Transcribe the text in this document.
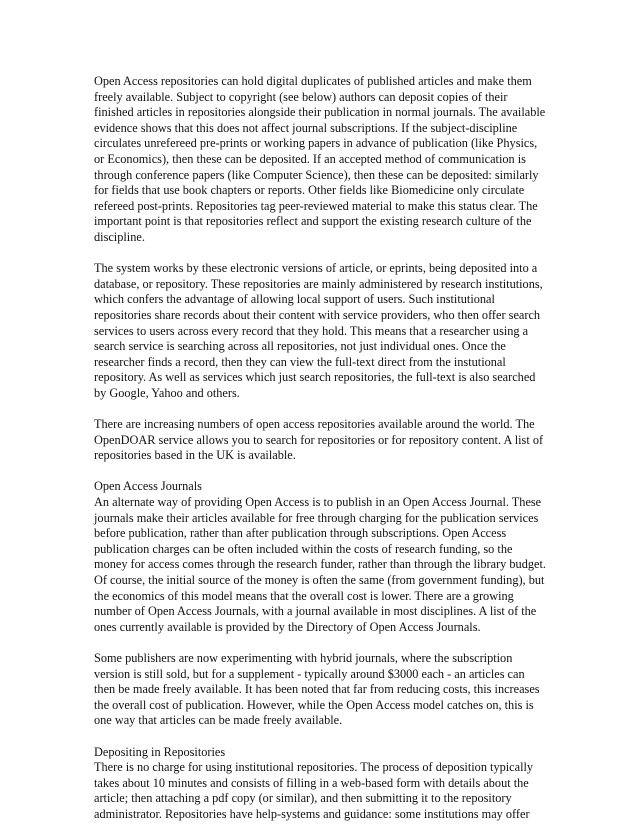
Open Access repositories can hold digital duplicates of published articles and make them freely available. Subject to copyright (see below) authors can deposit copies of their finished articles in repositories alongside their publication in normal journals. The available evidence shows that this does not affect journal subscriptions. If the subject-discipline circulates unrefereed pre-prints or working papers in advance of publication (like Physics, or Economics), then these can be deposited. If an accepted method of communication is through conference papers (like Computer Science), then these can be deposited: similarly for fields that use book chapters or reports. Other fields like Biomedicine only circulate refereed post-prints. Repositories tag peer-reviewed material to make this status clear. The important point is that repositories reflect and support the existing research culture of the discipline.

The system works by these electronic versions of article, or eprints, being deposited into a database, or repository. These repositories are mainly administered by research institutions, which confers the advantage of allowing local support of users. Such institutional repositories share records about their content with service providers, who then offer search services to users across every record that they hold. This means that a researcher using a search service is searching across all repositories, not just individual ones. Once the researcher finds a record, then they can view the full-text direct from the instutional repository. As well as services which just search repositories, the full-text is also searched by Google, Yahoo and others.

There are increasing numbers of open access repositories available around the world. The OpenDOAR service allows you to search for repositories or for repository content. A list of repositories based in the UK is available.

Open Access Journals

An alternate way of providing Open Access is to publish in an Open Access Journal. These journals make their articles available for free through charging for the publication services before publication, rather than after publication through subscriptions. Open Access publication charges can be often included within the costs of research funding, so the money for access comes through the research funder, rather than through the library budget. Of course, the initial source of the money is often the same (from government funding), but the economics of this model means that the overall cost is lower. There are a growing number of Open Access Journals, with a journal available in most disciplines. A list of the ones currently available is provided by the Directory of Open Access Journals.

Some publishers are now experimenting with hybrid journals, where the subscription version is still sold, but for a supplement - typically around $3000 each - an articles can then be made freely available. It has been noted that far from reducing costs, this increases the overall cost of publication. However, while the Open Access model catches on, this is one way that articles can be made freely available.

Depositing in Repositories

There is no charge for using institutional repositories. The process of deposition typically takes about 10 minutes and consists of filling in a web-based form with details about the article; then attaching a pdf copy (or similar), and then submitting it to the repository administrator. Repositories have help-systems and guidance: some institutions may offer
